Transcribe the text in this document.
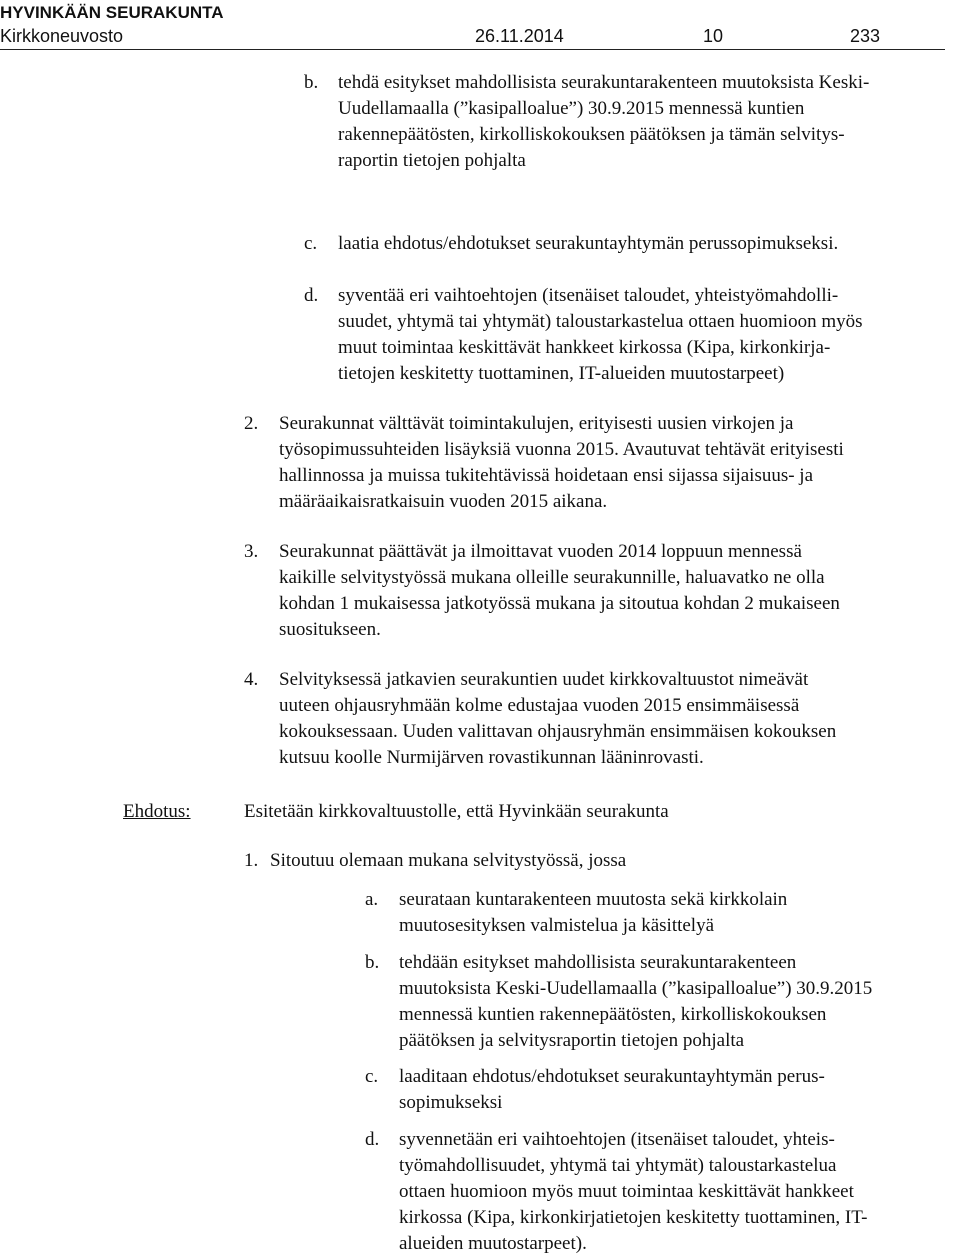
HYVINKÄÄN SEURAKUNTA
Kirkkoneuvosto	26.11.2014	10	233
b. tehdä esitykset mahdollisista seurakuntarakenteen muutoksista Keski-
Uudellamaalla (”kasipalloalue”) 30.9.2015 mennessä kuntien
rakennepäätösten, kirkolliskokouksen päätöksen ja tämän selvitys-
raportin tietojen pohjalta
c. laatia ehdotus/ehdotukset seurakuntayhtymän perussopimukseksi.
d. syventää eri vaihtoehtojen (itsenäiset taloudet, yhteistyömahdolli-
suudet, yhtymä tai yhtymät) taloustarkastelua ottaen huomioon myös
muut toimintaa keskittävät hankkeet kirkossa (Kipa, kirkonkirja-
tietojen keskitetty tuottaminen, IT-alueiden muutostarpeet)
2. Seurakunnat välttävät toimintakulujen, erityisesti uusien virkojen ja
työsopimussuhteiden lisäyksiä vuonna 2015. Avautuvat tehtävät erityisesti
hallinnossa ja muissa tukitehtävissä hoidetaan ensi sijassa sijaisuus- ja
määräaikaisratkaisuin vuoden 2015 aikana.
3. Seurakunnat päättävät ja ilmoittavat vuoden 2014 loppuun mennessä
kaikille selvitystyössä mukana olleille seurakunnille, haluavatko ne olla
kohdan 1 mukaisessa jatkotyössä mukana ja sitoutua kohdan 2 mukaiseen
suositukseen.
4. Selvityksessä jatkavien seurakuntien uudet kirkkovaltuustot nimeävät
uuteen ohjausryhmään kolme edustajaa vuoden 2015 ensimmäisessä
kokouksessaan. Uuden valittavan ohjausryhmän ensimmäisen kokouksen
kutsuu koolle Nurmijärven rovastikunnan lääninrovasti.
Ehdotus:	Esitetään kirkkovaltuustolle, että Hyvinkään seurakunta
1. Sitoutuu olemaan mukana selvitystyössä, jossa
a. seurataan kuntarakenteen muutosta sekä kirkkolain
muutosesityksen valmistelua ja käsittelyä
b. tehdään esitykset mahdollisista seurakuntarakenteen
muutoksista Keski-Uudellamaalla (”kasipalloalue”) 30.9.2015
mennessä kuntien rakennepäätösten, kirkolliskokouksen
päätöksen ja selvitysraportin tietojen pohjalta
c. laaditaan ehdotus/ehdotukset seurakuntayhtymän perus-
sopimukseksi
d. syvennetään eri vaihtoehtojen (itsenäiset taloudet, yhteis-
työmahdollisuudet, yhtymä tai yhtymät) taloustarkastelua
ottaen huomioon myös muut toimintaa keskittävät hankkeet
kirkossa (Kipa, kirkonkirjatietojen keskitetty tuottaminen, IT-
alueiden muutostarpeet).
